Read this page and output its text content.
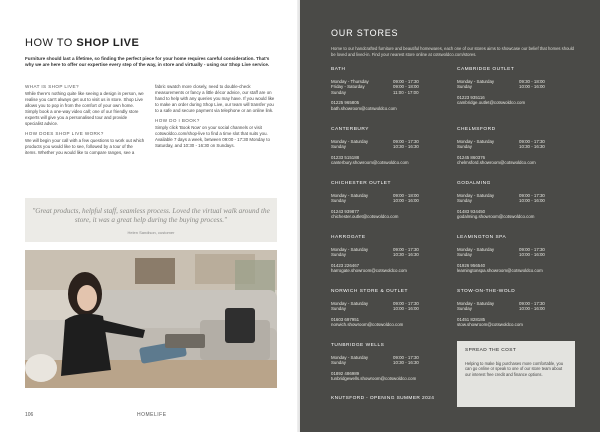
HOW TO SHOP LIVE
Furniture should last a lifetime, so finding the perfect piece for your home requires careful consideration. That's why we are here to offer our expertise every step of the way, in store and virtually - using our Shop Live service.
WHAT IS SHOP LIVE?

While there's nothing quite like seeing a design in person, we realise you can't always get out to visit us in store. Shop Live allows you to pop in from the comfort of your own home. Simply book a one-way video call; one of our friendly store experts will give you a personalised tour and provide specialist advice.

HOW DOES SHOP LIVE WORK?

We will begin your call with a few questions to work out which products you would like to see, followed by a tour of the items. Whether you would like to compare ranges, see a

fabric swatch more closely, need to double-check measurements or fancy a little décor advice, our staff are on hand to help with any queries you may have. If you would like to make an order during Shop Live, our team will transfer you to a safe and secure payment via telephone or an online link.

HOW DO I BOOK?

Simply click 'Book Now' on your social channels or visit cotswoldco.com/shop-live to find a time slot that suits you. Available 7 days a week, between 09:00 - 17:30 Monday to Saturday, and 10:30 - 16:30 on Sundays.

"Great products, helpful staff, seamless process. Loved the virtual walk around the store, it was a great help during the buying process."
Helen Sandison, customer
106	HOMELIFE
OUR STORES
Home to our handcrafted furniture and beautiful homewares, each one of our stores aims to showcase our belief that homes should be loved and lived-in. Find your nearest store online at cotswoldco.com/stores.
BATH
Monday - Thursday	09:00 - 17:30
Friday - Saturday	09:00 - 18:00
Sunday	11:00 - 17:00
01225 965805
bath.showroom@cotswoldco.com
CAMBRIDGE OUTLET
Monday - Saturday	09:30 - 18:00
Sunday	10:00 - 16:00
01223 935116
cambridge.outlet@cotswoldco.com
CANTERBURY
Monday - Saturday	09:00 - 17:30
Sunday	10:30 - 16:30
01233 515188
canterbury.showroom@cotswoldco.com
CHELMSFORD
Monday - Saturday	09:00 - 17:30
Sunday	10:30 - 16:30
01245 860376
chelmsford.showroom@cotswoldco.com
CHICHESTER OUTLET
Monday - Saturday	09:00 - 18:00
Sunday	10:00 - 16:00
01243 939877
chichester.outlet@cotswoldco.com
GODALMING
Monday - Saturday	09:00 - 17:30
Sunday	10:00 - 16:00
01483 934450
godalming.showroom@cotswoldco.com
HARROGATE
Monday - Saturday	09:00 - 17:30
Sunday	10:30 - 16:30
01423 226467
harrogate.showroom@cotswoldco.com
LEAMINGTON SPA
Monday - Saturday	09:00 - 17:30
Sunday	10:00 - 16:00
01926 956540
leamingtonspa.showroom@cotswoldco.com
NORWICH STORE & OUTLET
Monday - Saturday	09:00 - 17:30
Sunday	10:00 - 16:00
01603 697951
norwich.showroom@cotswoldco.com
STOW-ON-THE-WOLD
Monday - Saturday	09:00 - 17:30
Sunday	10:00 - 16:00
01451 828185
stow.showroom@cotswoldco.com
TUNBRIDGE WELLS
Monday - Saturday	09:00 - 17:30
Sunday	10:30 - 16:30
01892 486989
tunbridgewells.showroom@cotswoldco.com
KNUTSFORD - OPENING SUMMER 2024
SPREAD THE COST
Helping to make big purchases more comfortable, you can go online or speak to one of our store team about our interest free credit and finance options.
